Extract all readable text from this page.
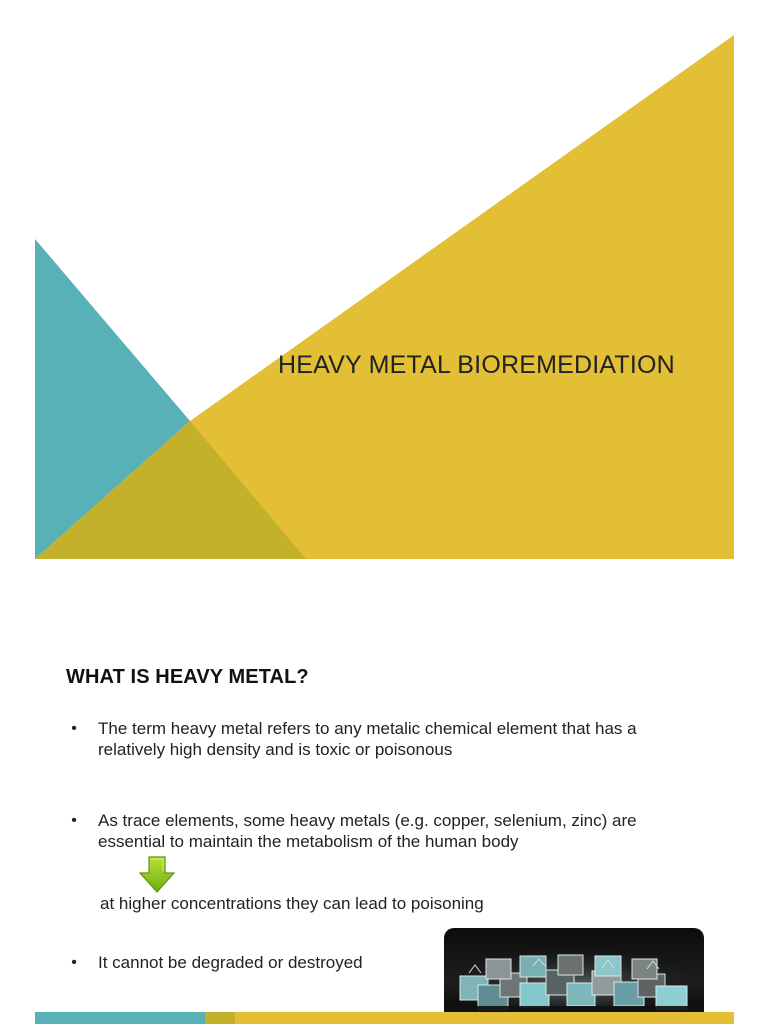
HEAVY METAL BIOREMEDIATION
WHAT IS HEAVY METAL?
• The term heavy metal refers to any metalic chemical element that has a relatively high density and is toxic or poisonous
• As trace elements, some heavy metals (e.g. copper, selenium, zinc) are essential to maintain the metabolism of the human body
• It cannot be degraded or destroyed

at higher concentrations they can lead to poisoning
